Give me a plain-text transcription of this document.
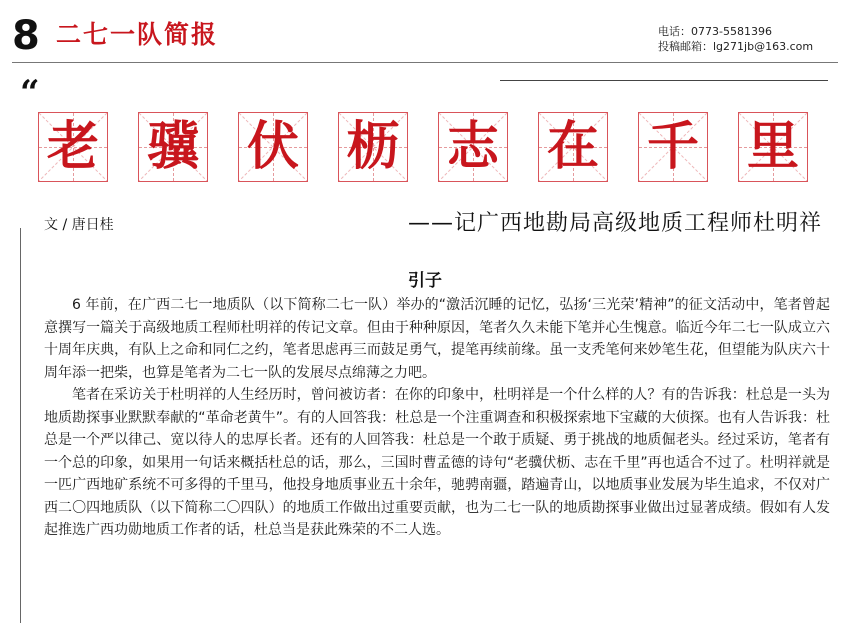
8 二七一队简报	电话：0773-5581396
投稿邮箱：lg271jb@163.com
“
老 骥 伏 枥 志 在 千 里
文 / 唐日桂	——记广西地勘局高级地质工程师杜明祥
引子

6 年前，在广西二七一地质队（以下简称二七一队）举办的“激活沉睡的记忆，弘扬‘三光荣’精神”的征文活动中，笔者曾起意撰写一篇关于高级地质工程师杜明祥的传记文章。但由于种种原因，笔者久久未能下笔并心生愧意。临近今年二七一队成立六十周年庆典，有队上之命和同仁之约，笔者思虑再三而鼓足勇气，提笔再续前缘。虽一支秃笔何来妙笔生花，但望能为队庆六十周年添一把柴，也算是笔者为二七一队的发展尽点绵薄之力吧。

笔者在采访关于杜明祥的人生经历时，曾问被访者：在你的印象中，杜明祥是一个什么样的人？有的告诉我：杜总是一头为地质勘探事业默默奉献的“革命老黄牛”。有的人回答我：杜总是一个注重调查和积极探索地下宝藏的大侦探。也有人告诉我：杜总是一个严以律己、宽以待人的忠厚长者。还有的人回答我：杜总是一个敢于质疑、勇于挑战的地质倔老头。经过采访，笔者有一个总的印象，如果用一句话来概括杜总的话，那么，三国时曹孟德的诗句“老骥伏枥、志在千里”再也适合不过了。杜明祥就是一匹广西地矿系统不可多得的千里马，他投身地质事业五十余年，驰骋南疆，踏遍青山，以地质事业发展为毕生追求，不仅对广西二〇四地质队（以下简称二〇四队）的地质工作做出过重要贡献，也为二七一队的地质勘探事业做出过显著成绩。假如有人发起推选广西功勋地质工作者的话，杜总当是获此殊荣的不二人选。
